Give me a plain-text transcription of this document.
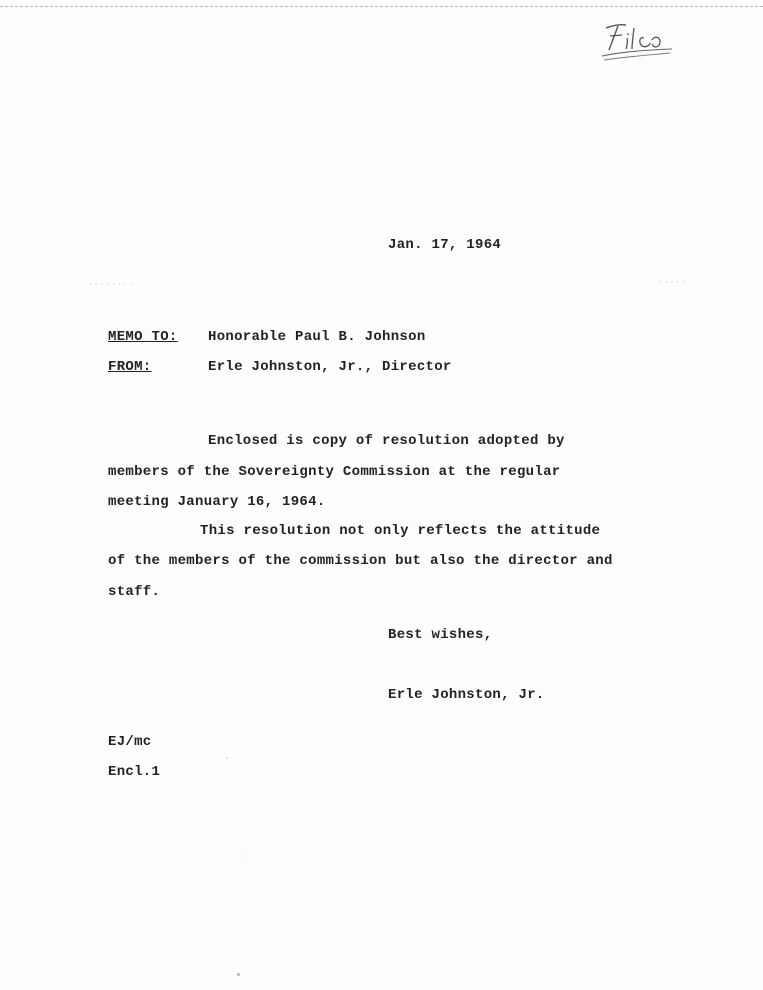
Jan. 17, 1964
········	·····
MEMO TO: Honorable Paul B. Johnson
FROM:	Erle Johnston, Jr., Director
Enclosed is copy of resolution adopted by
members of the Sovereignty Commission at the regular
meeting January 16, 1964.
This resolution not only reflects the attitude
of the members of the commission but also the director and
staff.
Best wishes,
Erle Johnston, Jr.
EJ/mc
Encl.1
